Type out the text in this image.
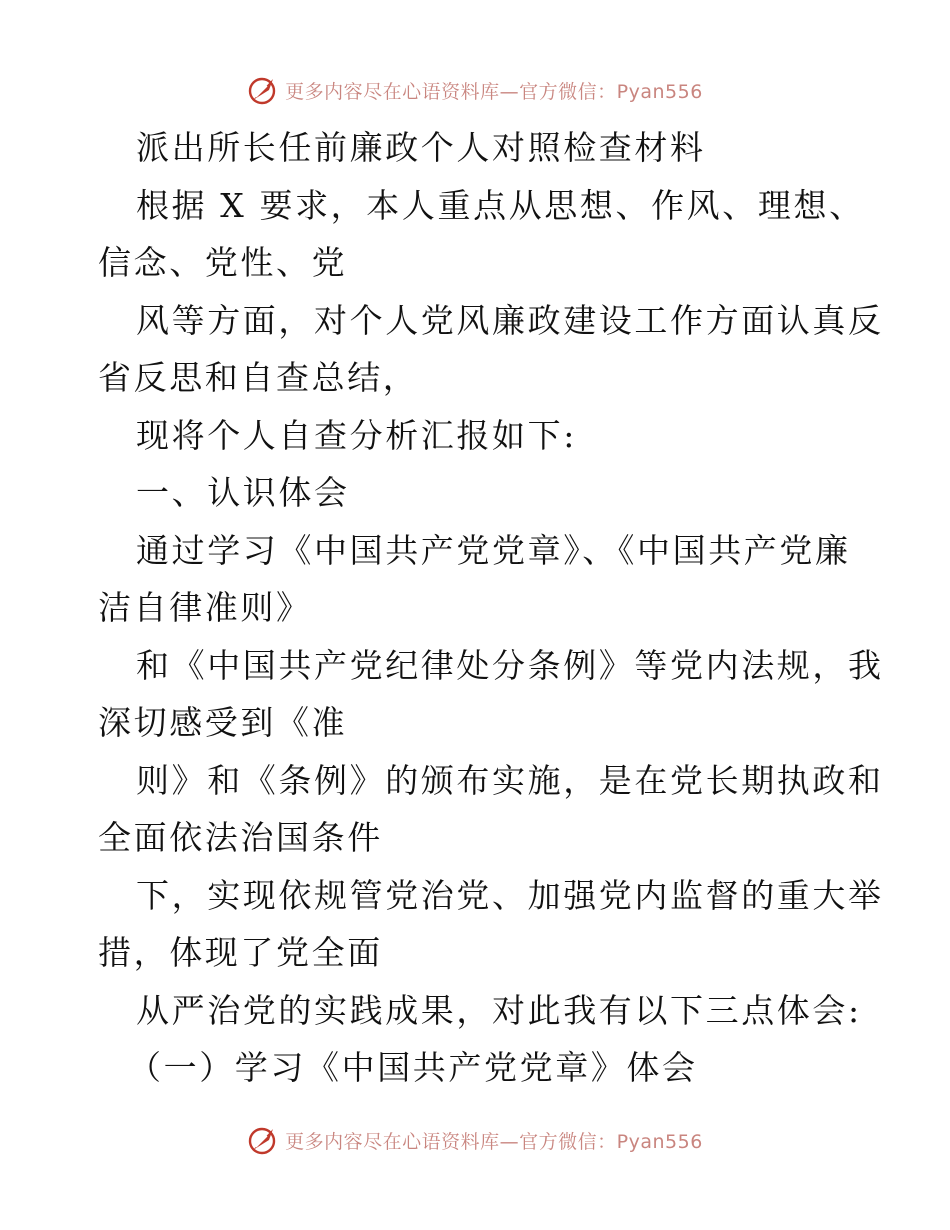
更多内容尽在心语资料库—官方微信：Pyan556
派出所长任前廉政个人对照检查材料
根据 X 要求，本人重点从思想、作风、理想、
信念、党性、党
风等方面，对个人党风廉政建设工作方面认真反
省反思和自查总结，
现将个人自查分析汇报如下:
一、认识体会
通过学习《中国共产党党章》、《中国共产党廉
洁自律准则》
和《中国共产党纪律处分条例》等党内法规，我
深切感受到《准
则》和《条例》的颁布实施，是在党长期执政和
全面依法治国条件
下，实现依规管党治党、加强党内监督的重大举
措，体现了党全面
从严治党的实践成果，对此我有以下三点体会:
（一）学习《中国共产党党章》体会
更多内容尽在心语资料库—官方微信：Pyan556
